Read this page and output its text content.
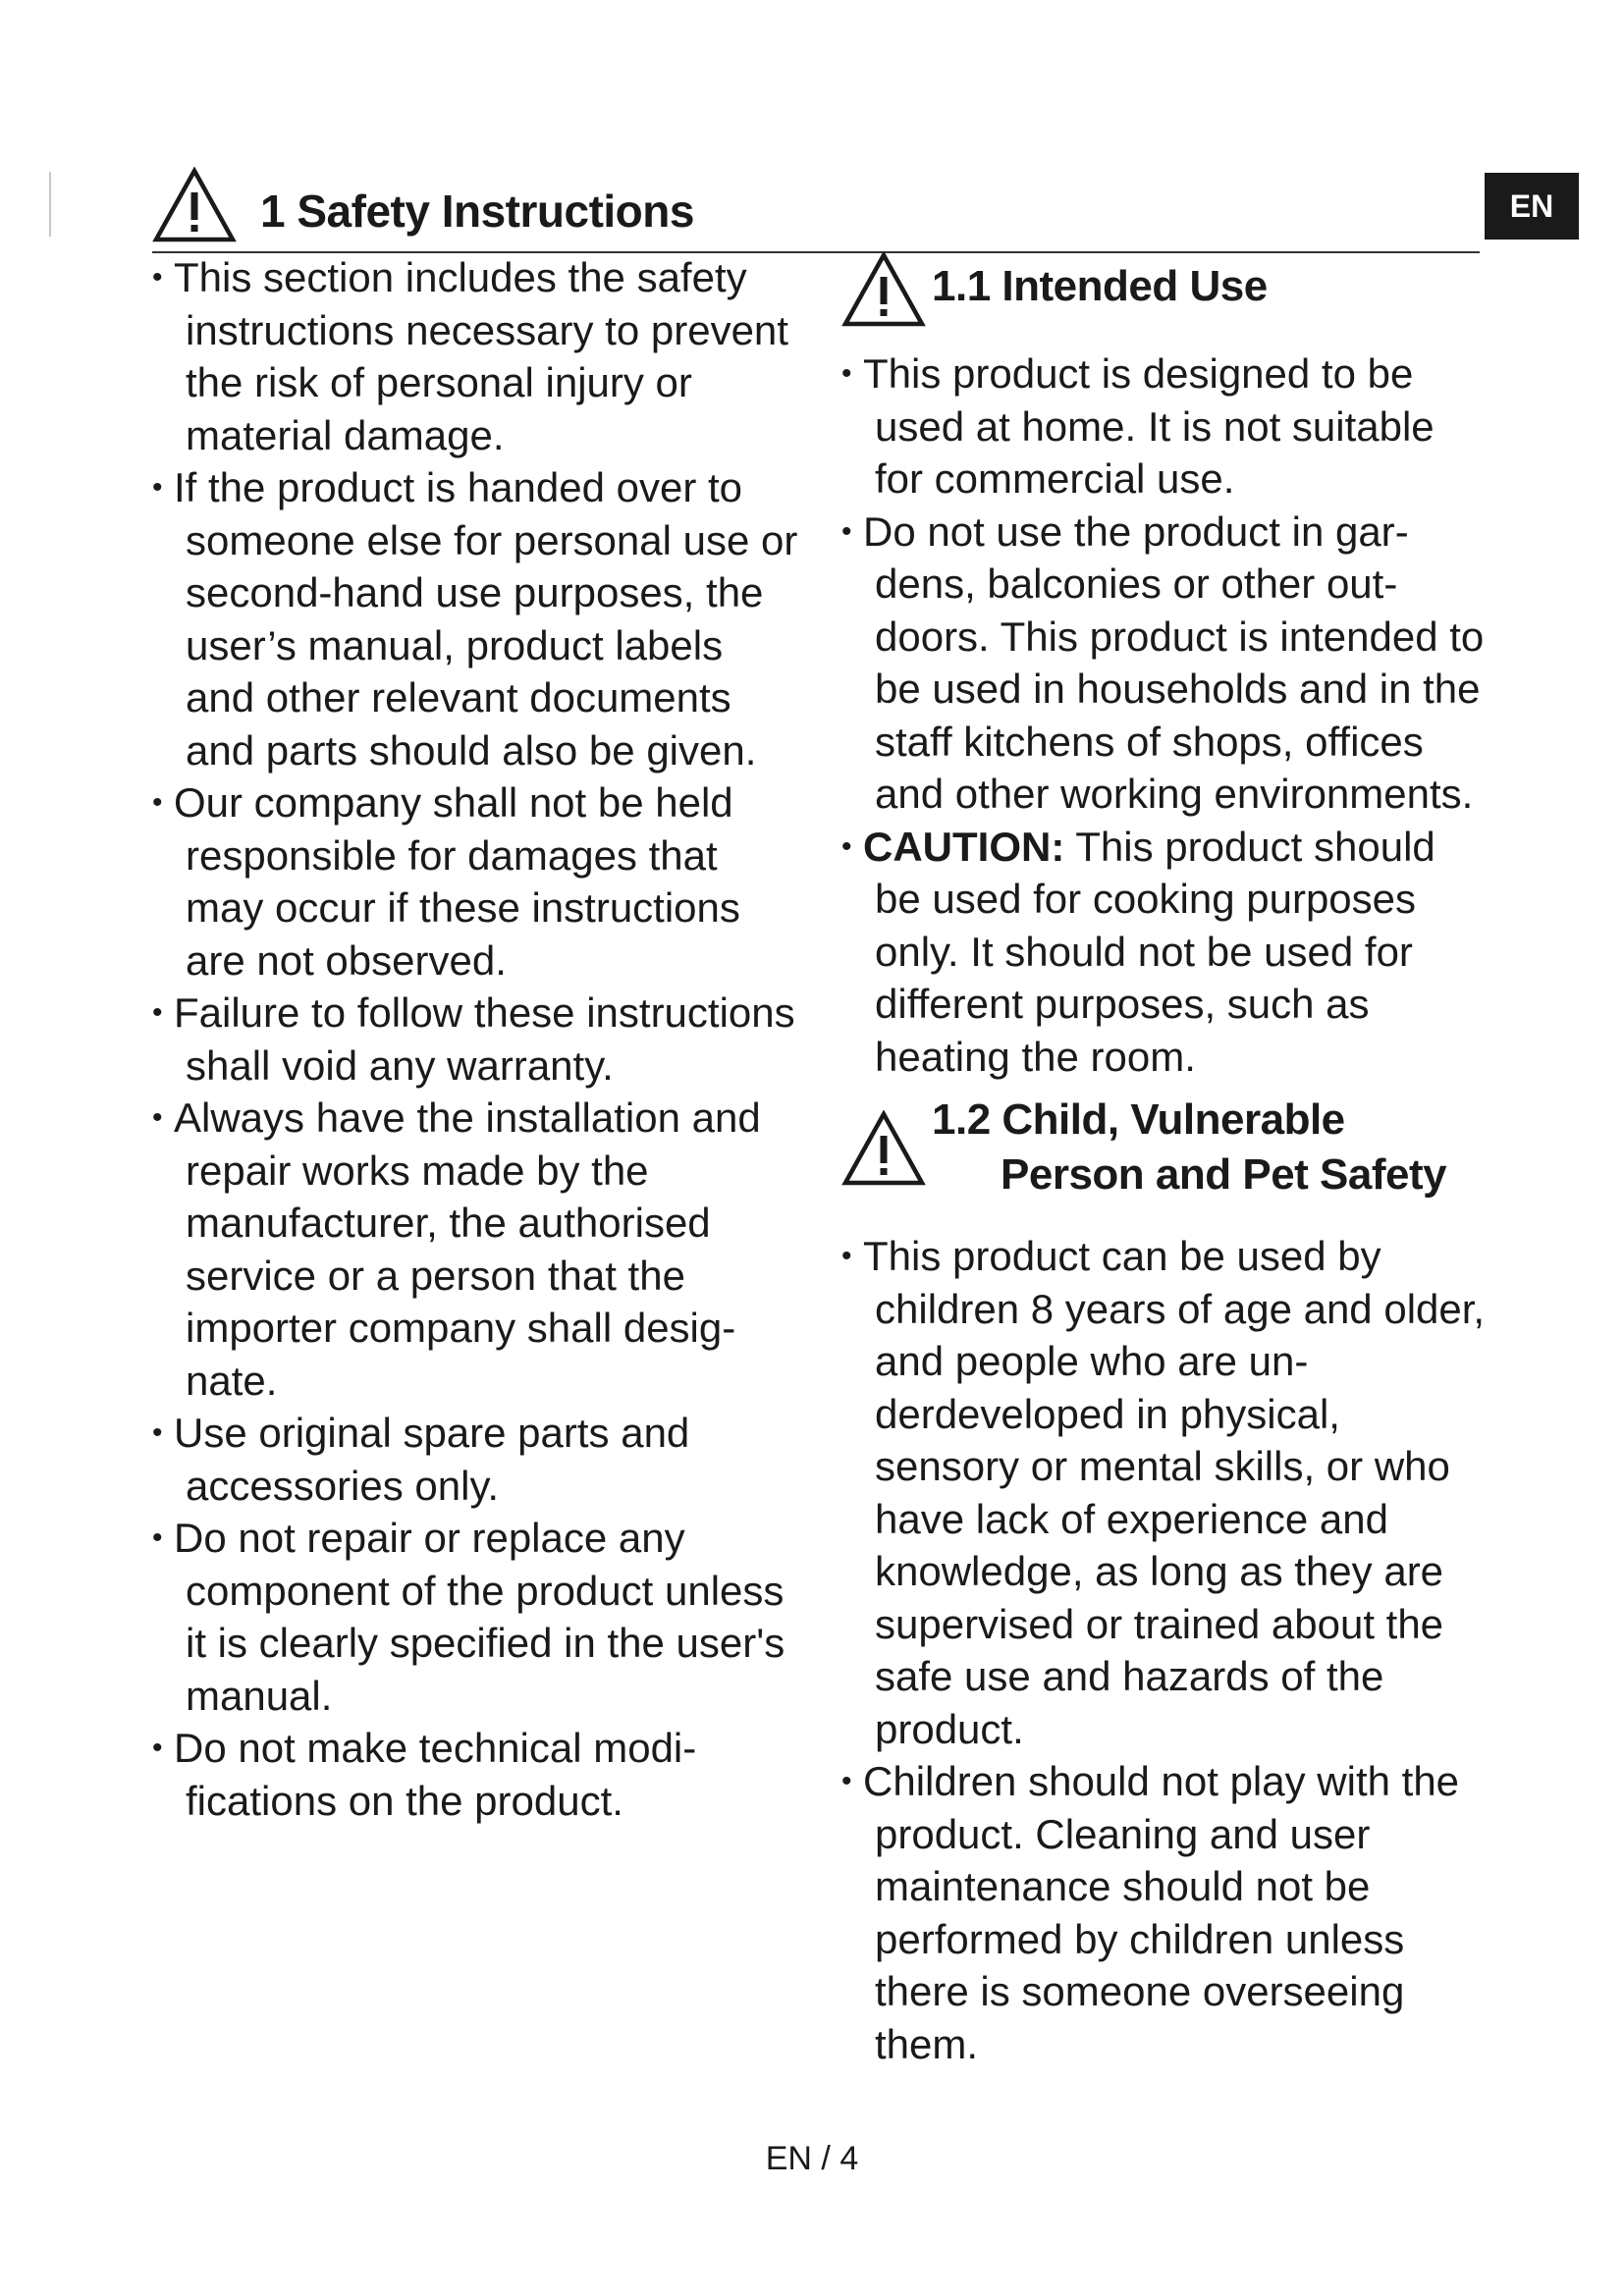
EN
1 Safety Instructions
• This section includes the safety instructions necessary to prevent the risk of personal injury or material damage.
• If the product is handed over to someone else for personal use or second-hand use purposes, the user’s manual, product labels and other relevant documents and parts should also be given.
• Our company shall not be held responsible for damages that may occur if these instructions are not observed.
• Failure to follow these instructions shall void any warranty.
• Always have the installation and repair works made by the manufacturer, the authorised service or a person that the importer company shall designate.
• Use original spare parts and accessories only.
• Do not repair or replace any component of the product unless it is clearly specified in the user's manual.
• Do not make technical modifications on the product.
1.1 Intended Use
• This product is designed to be used at home. It is not suitable for commercial use.
• Do not use the product in gardens, balconies or other outdoors. This product is intended to be used in households and in the staff kitchens of shops, offices and other working environments.
• CAUTION: This product should be used for cooking purposes only. It should not be used for different purposes, such as heating the room.
1.2 Child, Vulnerable
Person and Pet Safety
• This product can be used by children 8 years of age and older, and people who are underdeveloped in physical, sensory or mental skills, or who have lack of experience and knowledge, as long as they are supervised or trained about the safe use and hazards of the product.
• Children should not play with the product. Cleaning and user maintenance should not be performed by children unless there is someone overseeing them.
EN / 4
